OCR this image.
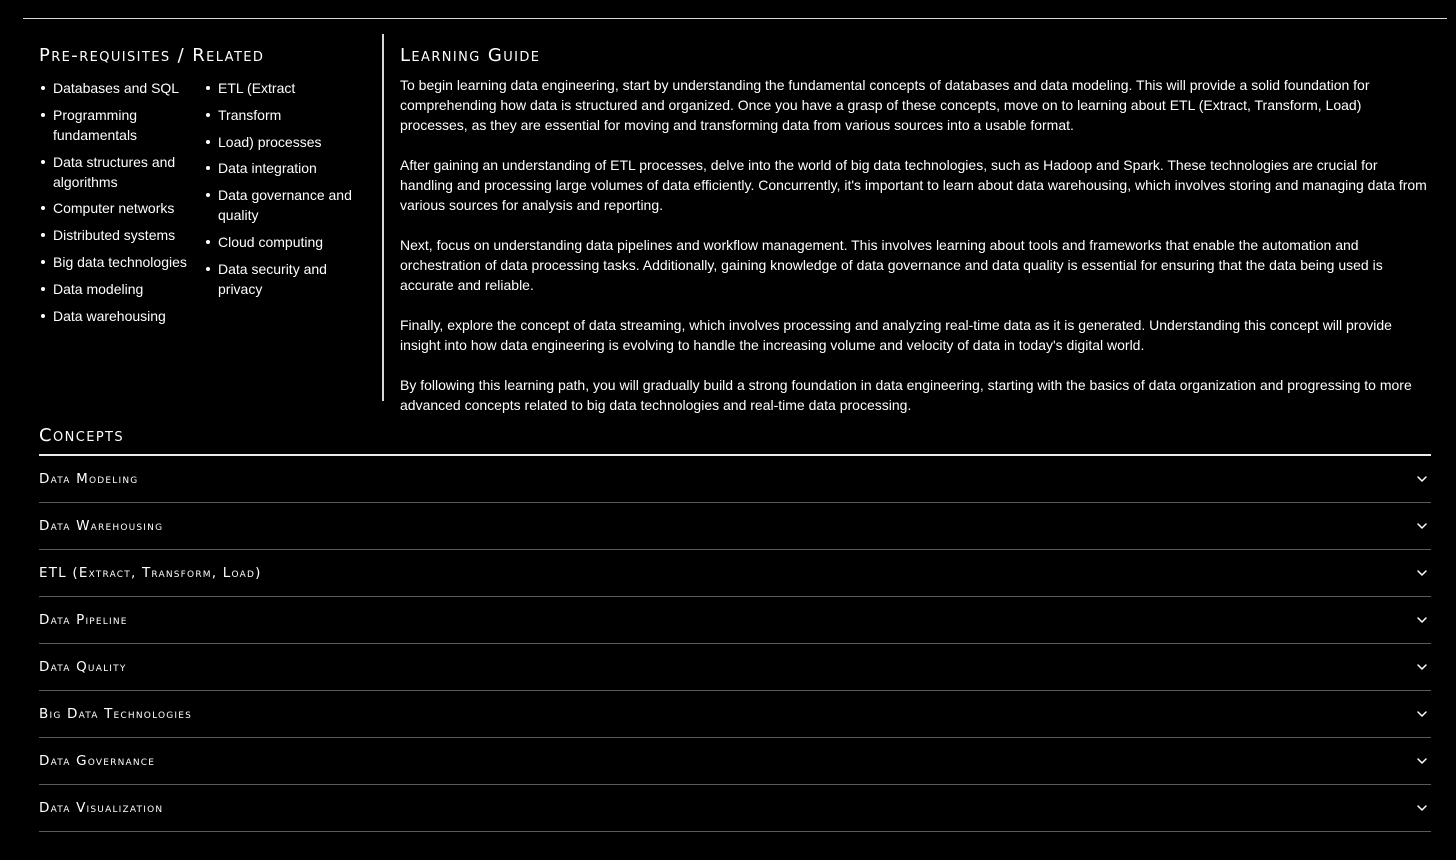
Pre-requisites / Related
Databases and SQL
Programming fundamentals
Data structures and algorithms
Computer networks
Distributed systems
Big data technologies
Data modeling
Data warehousing
ETL (Extract
Transform
Load) processes
Data integration
Data governance and quality
Cloud computing
Data security and privacy
Learning Guide

To begin learning data engineering, start by understanding the fundamental concepts of databases and data modeling. This will provide a solid foundation for comprehending how data is structured and organized. Once you have a grasp of these concepts, move on to learning about ETL (Extract, Transform, Load) processes, as they are essential for moving and transforming data from various sources into a usable format.

After gaining an understanding of ETL processes, delve into the world of big data technologies, such as Hadoop and Spark. These technologies are crucial for handling and processing large volumes of data efficiently. Concurrently, it's important to learn about data warehousing, which involves storing and managing data from various sources for analysis and reporting.

Next, focus on understanding data pipelines and workflow management. This involves learning about tools and frameworks that enable the automation and orchestration of data processing tasks. Additionally, gaining knowledge of data governance and data quality is essential for ensuring that the data being used is accurate and reliable.

Finally, explore the concept of data streaming, which involves processing and analyzing real-time data as it is generated. Understanding this concept will provide insight into how data engineering is evolving to handle the increasing volume and velocity of data in today's digital world.

By following this learning path, you will gradually build a strong foundation in data engineering, starting with the basics of data organization and progressing to more advanced concepts related to big data technologies and real-time data processing.

Concepts
Data Modeling
Data Warehousing
ETL (Extract, Transform, Load)
Data Pipeline
Data Quality
Big Data Technologies
Data Governance
Data Visualization
